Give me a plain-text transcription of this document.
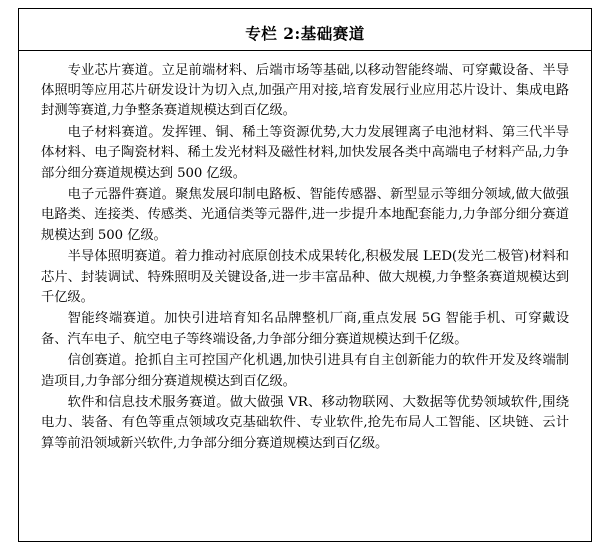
专栏 2:基础赛道

专业芯片赛道。立足前端材料、后端市场等基础,以移动智能终端、可穿戴设备、半导体照明等应用芯片研发设计为切入点,加强产用对接,培育发展行业应用芯片设计、集成电路封测等赛道,力争整条赛道规模达到百亿级。

电子材料赛道。发挥锂、铜、稀土等资源优势,大力发展锂离子电池材料、第三代半导体材料、电子陶瓷材料、稀土发光材料及磁性材料,加快发展各类中高端电子材料产品,力争部分细分赛道规模达到 500 亿级。

电子元器件赛道。聚焦发展印制电路板、智能传感器、新型显示等细分领域,做大做强电路类、连接类、传感类、光通信类等元器件,进一步提升本地配套能力,力争部分细分赛道规模达到 500 亿级。

半导体照明赛道。着力推动衬底原创技术成果转化,积极发展 LED(发光二极管)材料和芯片、封装调试、特殊照明及关键设备,进一步丰富品种、做大规模,力争整条赛道规模达到千亿级。

智能终端赛道。加快引进培育知名品牌整机厂商,重点发展 5G 智能手机、可穿戴设备、汽车电子、航空电子等终端设备,力争部分细分赛道规模达到千亿级。

信创赛道。抢抓自主可控国产化机遇,加快引进具有自主创新能力的软件开发及终端制造项目,力争部分细分赛道规模达到百亿级。

软件和信息技术服务赛道。做大做强 VR、移动物联网、大数据等优势领域软件,围绕电力、装备、有色等重点领域攻克基础软件、专业软件,抢先布局人工智能、区块链、云计算等前沿领域新兴软件,力争部分细分赛道规模达到百亿级。
